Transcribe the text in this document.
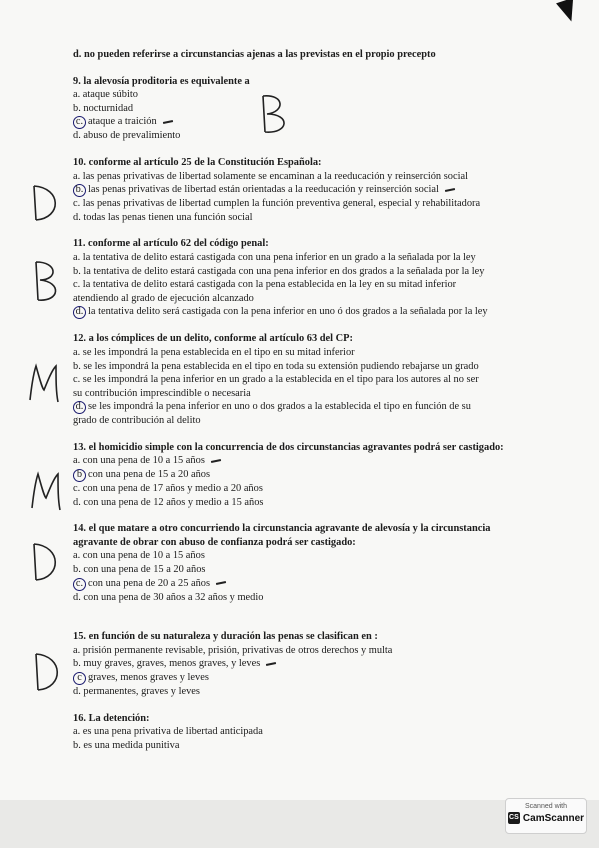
d. no pueden referirse a circunstancias ajenas a las previstas en el propio precepto

9. la alevosía proditoria es equivalente a

a. ataque súbito

b. nocturnidad

c. ataque a traición

d. abuso de prevalimiento

10. conforme al artículo 25 de la Constitución Española:

a. las penas privativas de libertad solamente se encaminan a la reeducación y reinserción social

b. las penas privativas de libertad están orientadas a la reeducación y reinserción social

c. las penas privativas de libertad cumplen la función preventiva general, especial y rehabilitadora

d. todas las penas tienen una función social

11. conforme al artículo 62 del código penal:

a. la tentativa de delito estará castigada con una pena inferior en un grado a la señalada por la ley

b. la tentativa de delito estará castigada con una pena inferior en dos grados a la señalada por la ley

c. la tentativa de delito estará castigada con la pena establecida en la ley en su mitad inferior

atendiendo al grado de ejecución alcanzado

d. la tentativa delito será castigada con la pena inferior en uno ó dos grados a la señalada por la ley

12. a los cómplices de un delito, conforme al artículo 63 del CP:

a. se les impondrá la pena establecida en el tipo en su mitad inferior

b. se les impondrá la pena establecida en el tipo en toda su extensión pudiendo rebajarse un grado

c. se les impondrá la pena inferior en un grado a la establecida en el tipo para los autores al no ser

su contribución imprescindible o necesaria

d. se les impondrá la pena inferior en uno o dos grados a la establecida el tipo en función de su

grado de contribución al delito

13. el homicidio simple con la concurrencia de dos circunstancias agravantes podrá ser castigado:

a. con una pena de 10 a 15 años

b con una pena de 15 a 20 años

c. con una pena de 17 años y medio a 20 años

d. con una pena de 12 años y medio a 15 años

14. el que matare a otro concurriendo la circunstancia agravante de alevosía y la circunstancia

agravante de obrar con abuso de confianza podrá ser castigado:

a. con una pena de 10 a 15 años

b. con una pena de 15 a 20 años

c. con una pena de 20 a 25 años

d. con una pena de 30 años a 32 años y medio

15. en función de su naturaleza y duración las penas se clasifican en :

a. prisión permanente revisable, prisión, privativas de otros derechos y multa

b. muy graves, graves, menos graves, y leves

c graves, menos graves y leves

d. permanentes, graves y leves

16. La detención:

a. es una pena privativa de libertad anticipada

b. es una medida punitiva

Scanned with
CS CamScanner
